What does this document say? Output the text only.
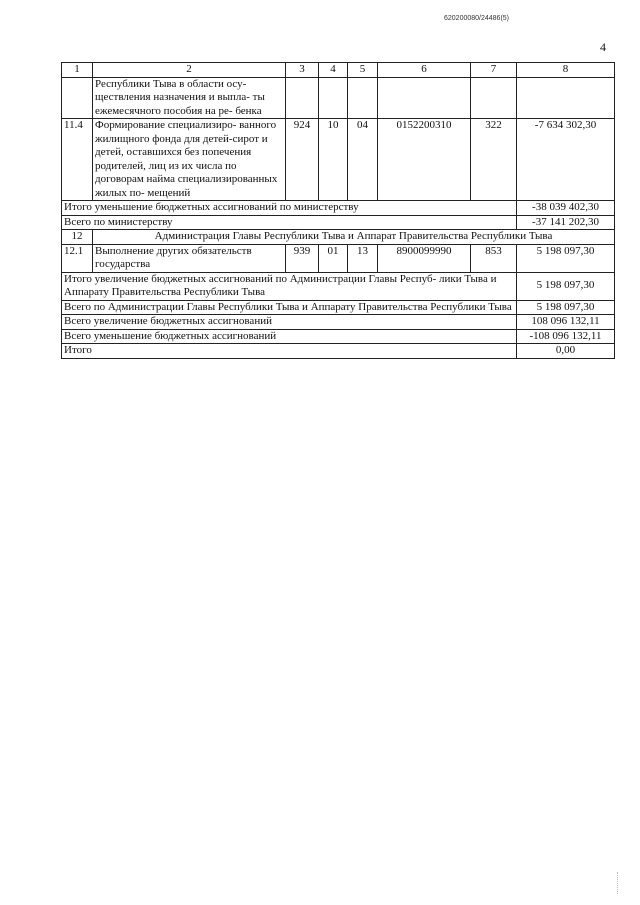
620200080/24486(5)
4
1	2	3	4	5	6	7	8
	Республики Тыва в области осу- ществления назначения и выпла- ты ежемесячного пособия на ре- бенка						
11.4	Формирование специализиро- ванного жилищного фонда для детей-сирот и детей, оставшихся без попечения родителей, лиц из их числа по договорам найма специализированных жилых по- мещений	924	10	04	0152200310	322	-7 634 302,30
Итого уменьшение бюджетных ассигнований по министерству							-38 039 402,30
Всего по министерству							-37 141 202,30
12	Администрация Главы Республики Тыва и Аппарат Правительства Республики Тыва						
12.1	Выполнение других обязательств государства	939	01	13	8900099990	853	5 198 097,30
Итого увеличение бюджетных ассигнований по Администрации Главы Респуб- лики Тыва и Аппарату Правительства Республики Тыва							5 198 097,30
Всего по Администрации Главы Республики Тыва и Аппарату Правительства Республики Тыва							5 198 097,30
Всего увеличение бюджетных ассигнований							108 096 132,11
Всего уменьшение бюджетных ассигнований							-108 096 132,11
Итого							0,00
